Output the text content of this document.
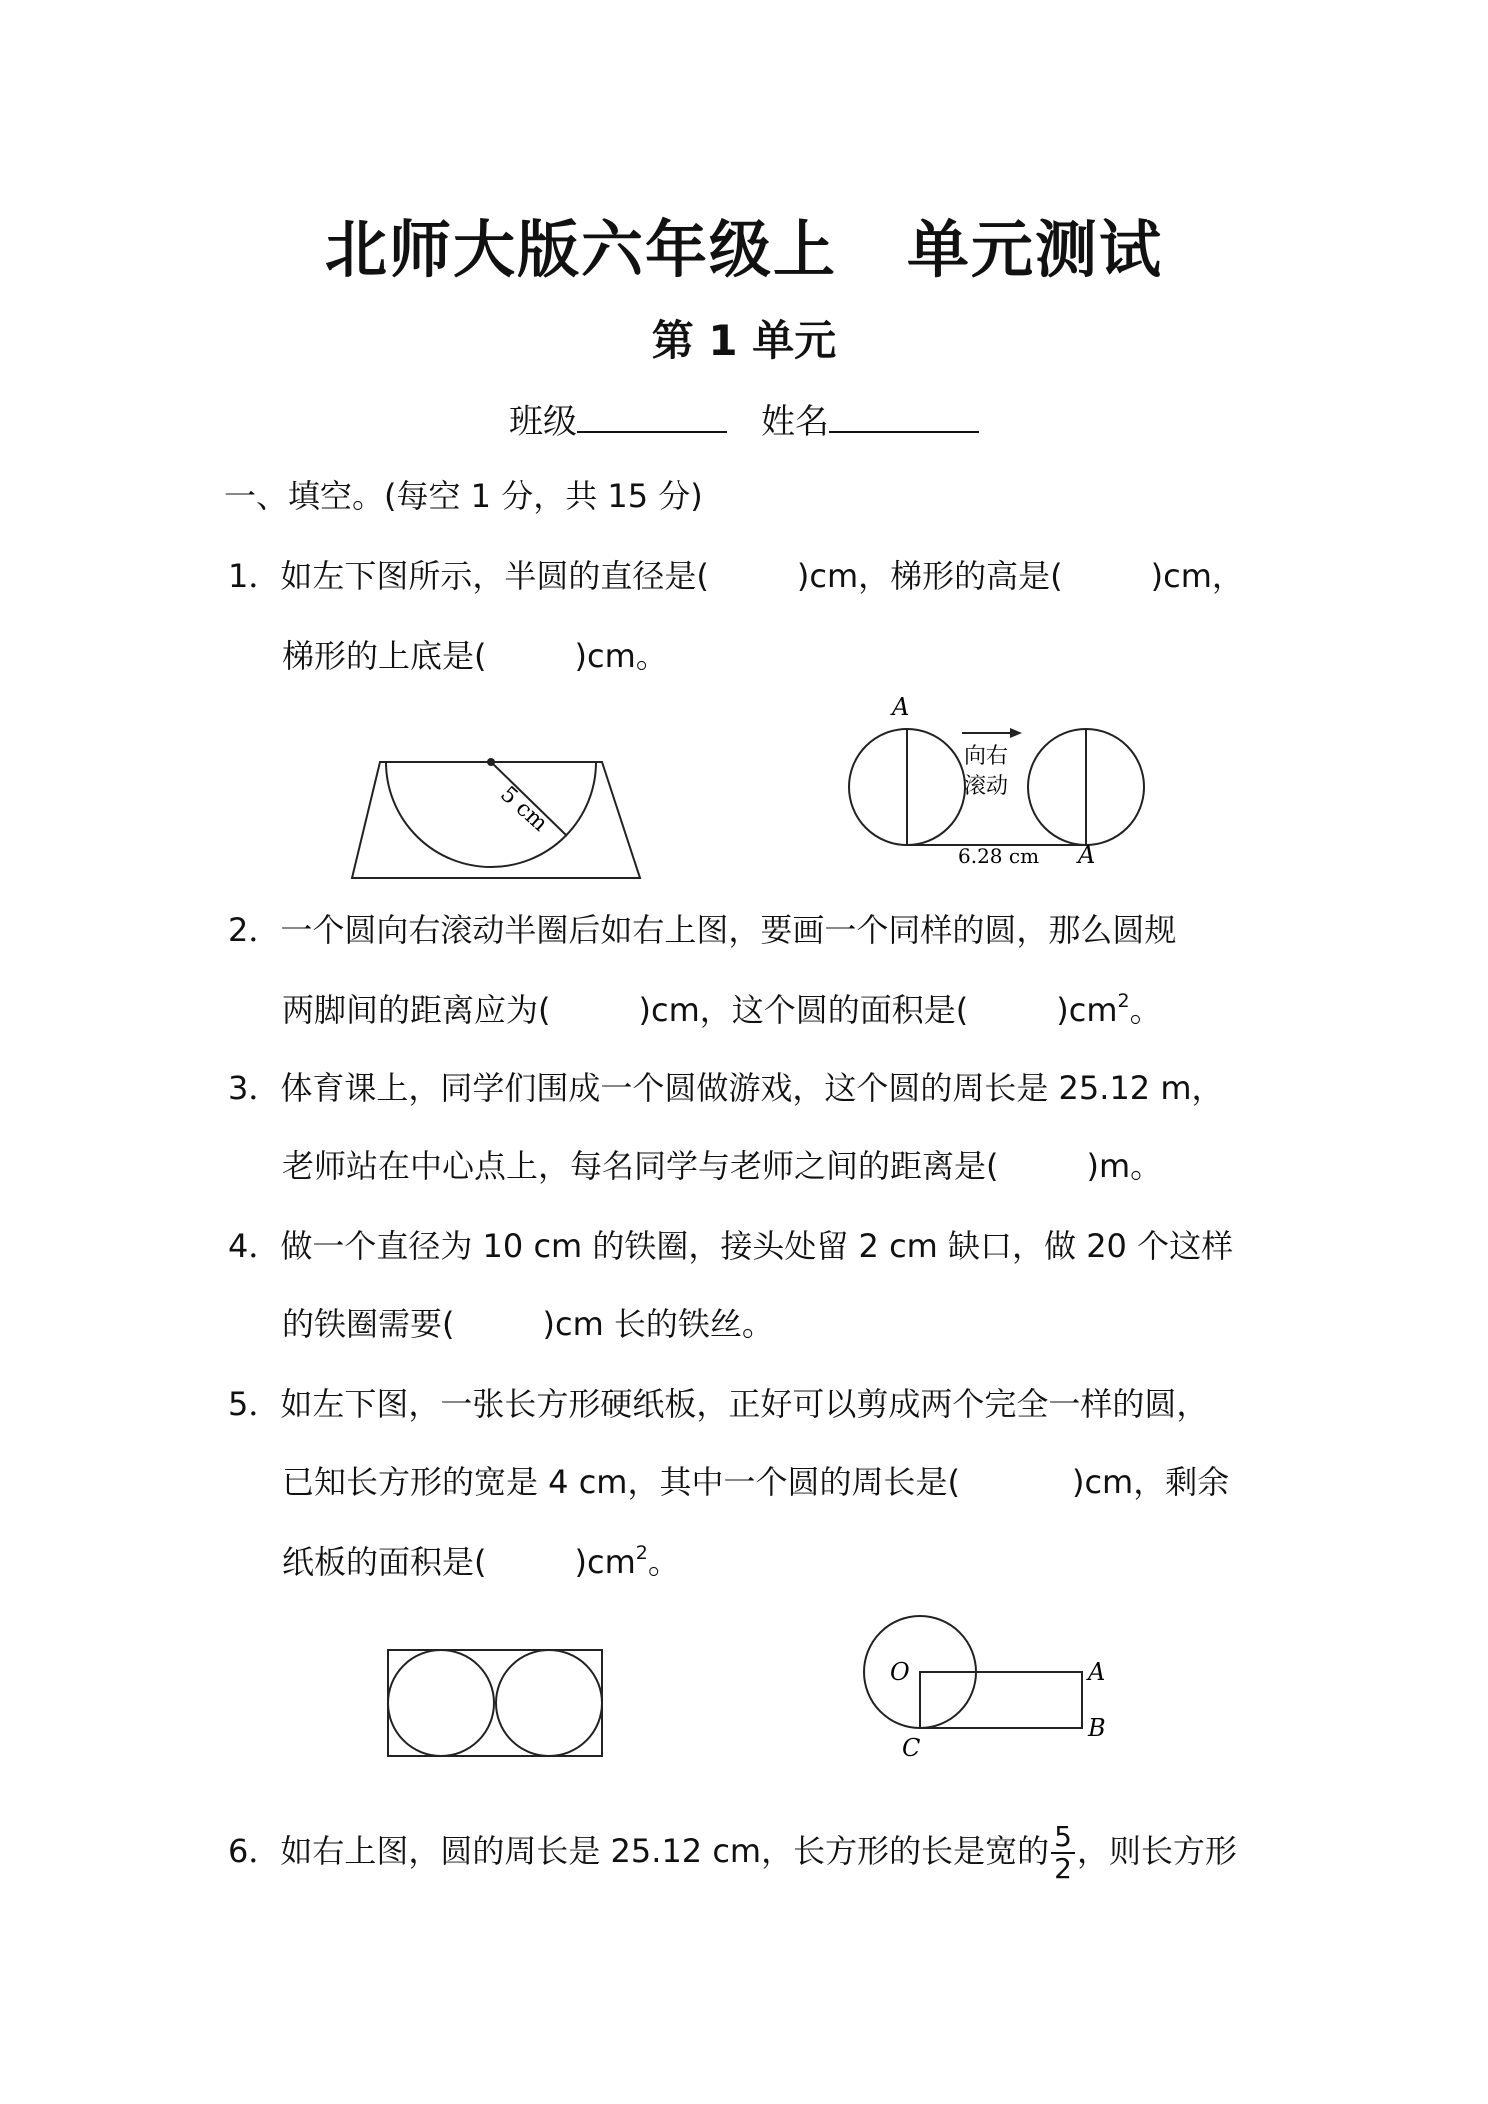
北师大版六年级上 单元测试
第 1 单元
班级	姓名
一、填空。(每空 1 分，共 15 分)
1．如左下图所示，半圆的直径是(	)cm，梯形的高是(	)cm，
梯形的上底是(	)cm。
5 cm
A
向右
滚动
6.28 cm A
2．一个圆向右滚动半圈后如右上图，要画一个同样的圆，那么圆规
两脚间的距离应为(	)cm，这个圆的面积是(	)$cm^2$。
3．体育课上，同学们围成一个圆做游戏，这个圆的周长是 25.12 m，
老师站在中心点上，每名同学与老师之间的距离是(	)m。
4．做一个直径为 10 cm 的铁圈，接头处留 2 cm 缺口，做 20 个这样
的铁圈需要(	)cm 长的铁丝。
5．如左下图，一张长方形硬纸板，正好可以剪成两个完全一样的圆，
已知长方形的宽是 4 cm，其中一个圆的周长是(	)cm，剩余
纸板的面积是(	)$cm^2$。
O	A
B
C
6．如右上图，圆的周长是 25.12 cm，长方形的长是宽的 $\frac{5}{2}$ ，则长方形
